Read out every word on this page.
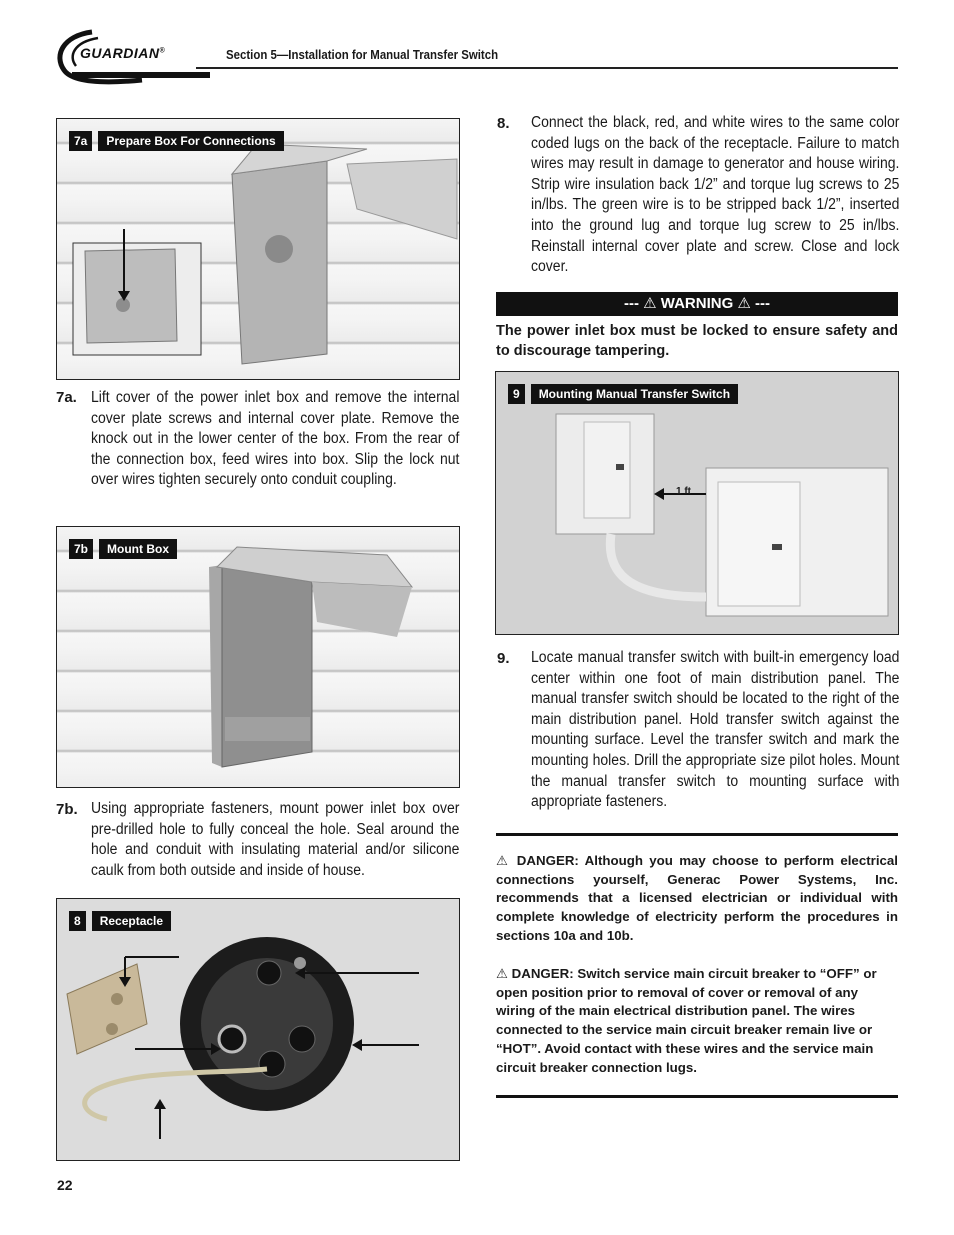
GUARDIAN®	Section 5—Installation for Manual Transfer Switch
7a	Prepare Box For Connections
7a. Lift cover of the power inlet box and remove the internal cover plate screws and internal cover plate. Remove the knock out in the lower center of the box. From the rear of the connection box, feed wires into box. Slip the lock nut over wires tighten securely onto conduit coupling.
7b	Mount Box
7b. Using appropriate fasteners, mount power inlet box over pre-drilled hole to fully conceal the hole. Seal around the hole and conduit with insulating material and/or silicone caulk from both outside and inside of house.
8	Receptacle
8. Connect the black, red, and white wires to the same color coded lugs on the back of the receptacle. Failure to match wires may result in damage to generator and house wiring. Strip wire insulation back 1/2” and torque lug screws to 25 in/lbs. The green wire is to be stripped back 1/2”, inserted into the ground lug and torque lug screw to 25 in/lbs. Reinstall internal cover plate and screw. Close and lock cover.
--- ⚠ WARNING ⚠ ---
The power inlet box must be locked to ensure safety and to discourage tampering.
9	Mounting Manual Transfer Switch
1 ft
9. Locate manual transfer switch with built-in emergency load center within one foot of main distribution panel. The manual transfer switch should be located to the right of the main distribution panel. Hold transfer switch against the mounting surface. Level the transfer switch and mark the mounting holes. Drill the appropriate size pilot holes. Mount the manual transfer switch to mounting surface with appropriate fasteners.
⚠ DANGER: Although you may choose to perform electrical connections yourself, Generac Power Systems, Inc. recommends that a licensed electrician or individual with complete knowledge of electricity perform the procedures in sections 10a and 10b.
⚠ DANGER: Switch service main circuit breaker to “OFF” or open position prior to removal of cover or removal of any wiring of the main electrical distribution panel. The wires connected to the service main circuit breaker remain live or “HOT”. Avoid contact with these wires and the service main circuit breaker connection lugs.
22
